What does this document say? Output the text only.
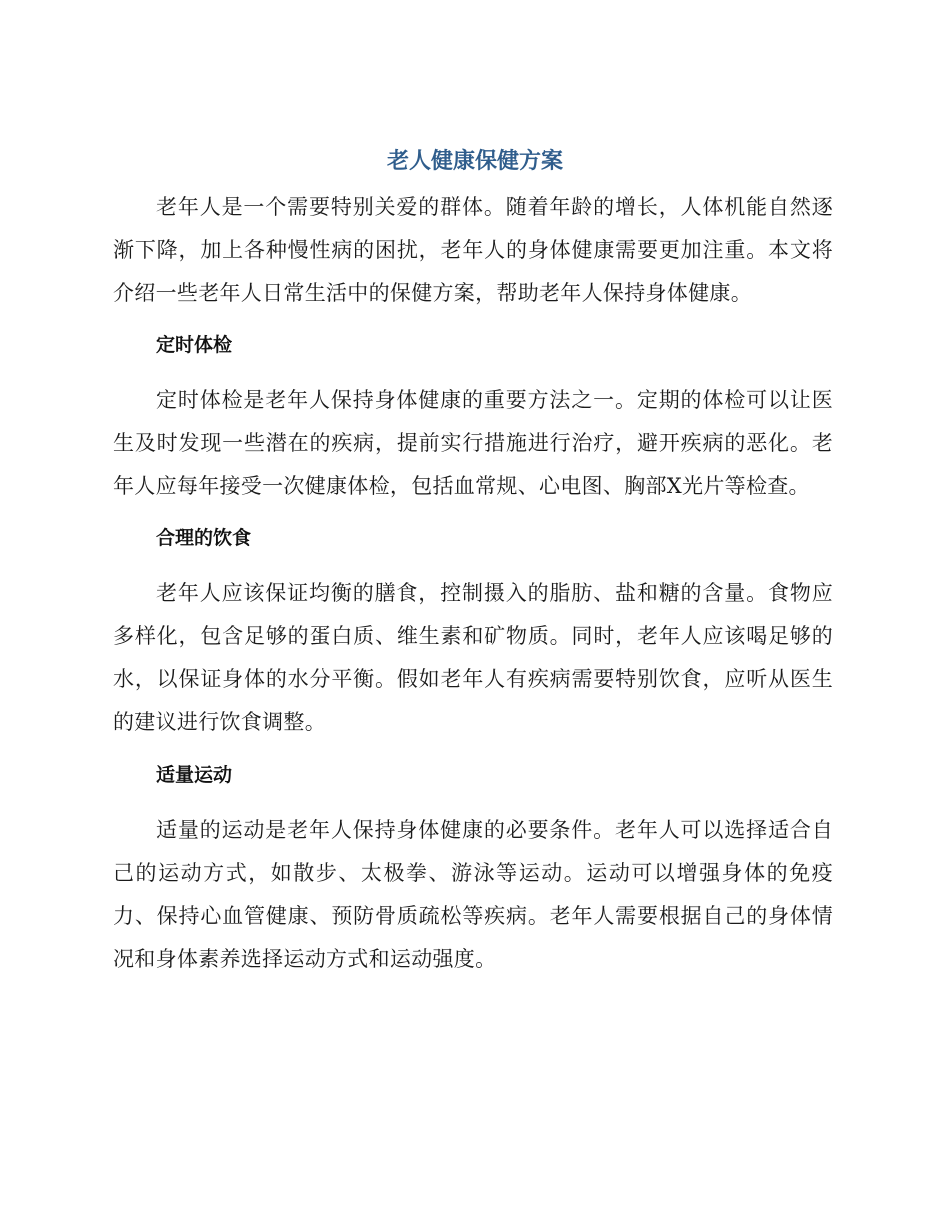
老人健康保健方案
老年人是一个需要特别关爱的群体。随着年龄的增长，人体机能自然逐渐下降，加上各种慢性病的困扰，老年人的身体健康需要更加注重。本文将介绍一些老年人日常生活中的保健方案，帮助老年人保持身体健康。
定时体检
定时体检是老年人保持身体健康的重要方法之一。定期的体检可以让医生及时发现一些潜在的疾病，提前实行措施进行治疗，避开疾病的恶化。老年人应每年接受一次健康体检，包括血常规、心电图、胸部X光片等检查。
合理的饮食
老年人应该保证均衡的膳食，控制摄入的脂肪、盐和糖的含量。食物应多样化，包含足够的蛋白质、维生素和矿物质。同时，老年人应该喝足够的水，以保证身体的水分平衡。假如老年人有疾病需要特别饮食，应听从医生的建议进行饮食调整。
适量运动
适量的运动是老年人保持身体健康的必要条件。老年人可以选择适合自己的运动方式，如散步、太极拳、游泳等运动。运动可以增强身体的免疫力、保持心血管健康、预防骨质疏松等疾病。老年人需要根据自己的身体情况和身体素养选择运动方式和运动强度。
